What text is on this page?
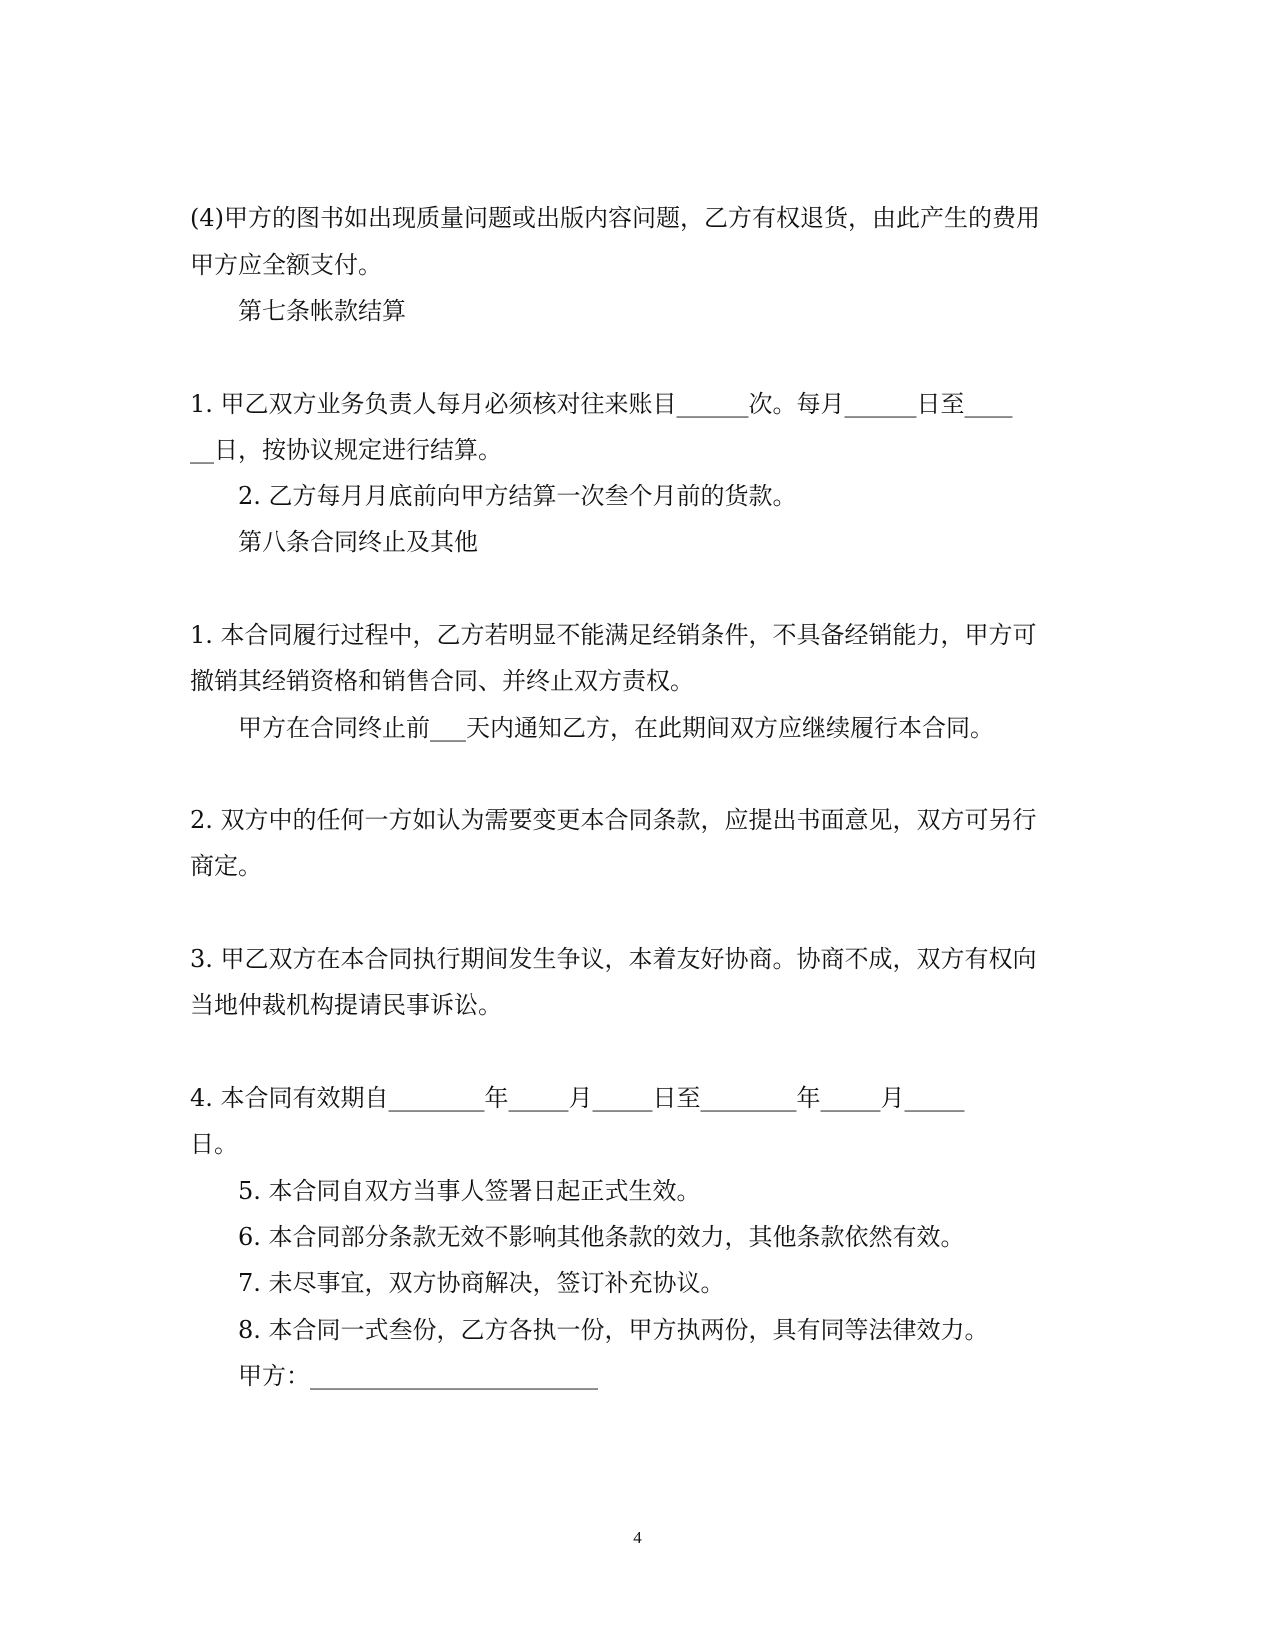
(4)甲方的图书如出现质量问题或出版内容问题，乙方有权退货，由此产生的费用
甲方应全额支付。
第七条帐款结算
1. 甲乙双方业务负责人每月必须核对往来账目______次。每月______日至____
__日，按协议规定进行结算。
2. 乙方每月月底前向甲方结算一次叁个月前的货款。
第八条合同终止及其他
1. 本合同履行过程中，乙方若明显不能满足经销条件，不具备经销能力，甲方可
撤销其经销资格和销售合同、并终止双方责权。
甲方在合同终止前___天内通知乙方，在此期间双方应继续履行本合同。
2. 双方中的任何一方如认为需要变更本合同条款，应提出书面意见，双方可另行
商定。
3. 甲乙双方在本合同执行期间发生争议，本着友好协商。协商不成，双方有权向
当地仲裁机构提请民事诉讼。
4. 本合同有效期自________年_____月_____日至________年_____月_____
日。
5. 本合同自双方当事人签署日起正式生效。
6. 本合同部分条款无效不影响其他条款的效力，其他条款依然有效。
7. 未尽事宜，双方协商解决，签订补充协议。
8. 本合同一式叁份，乙方各执一份，甲方执两份，具有同等法律效力。
甲方：________________________
4
